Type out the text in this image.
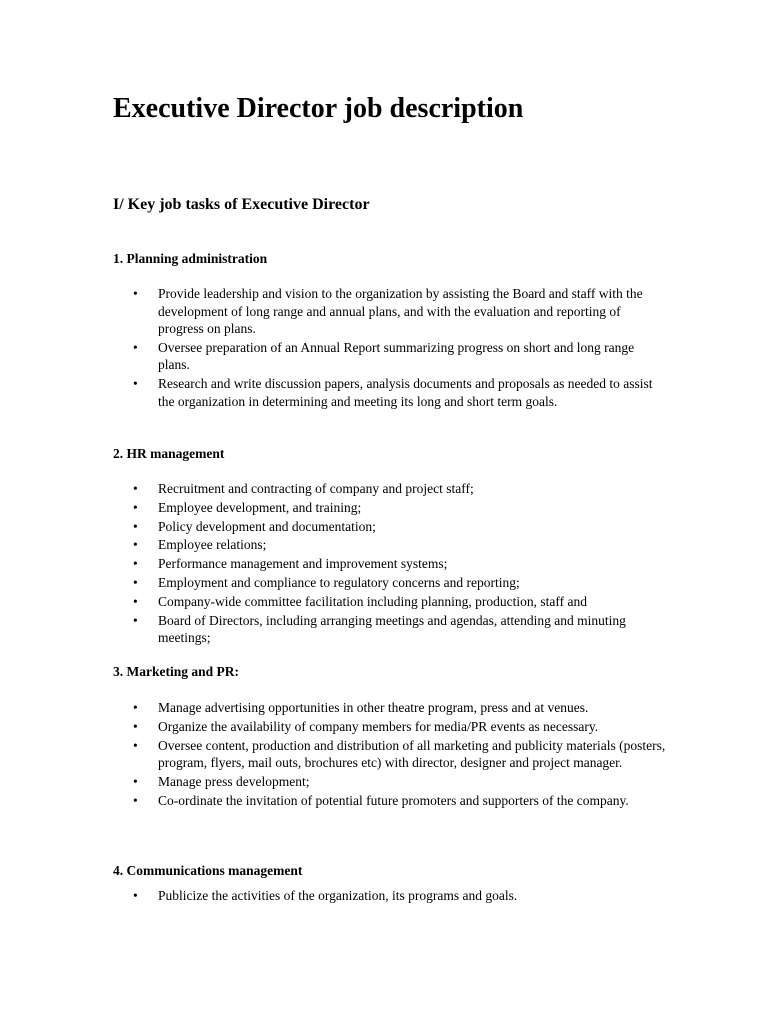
Executive Director job description
I/ Key job tasks of Executive Director
1. Planning administration
• Provide leadership and vision to the organization by assisting the Board and staff with the development of long range and annual plans, and with the evaluation and reporting of progress on plans.
• Oversee preparation of an Annual Report summarizing progress on short and long range plans.
• Research and write discussion papers, analysis documents and proposals as needed to assist the organization in determining and meeting its long and short term goals.
2. HR management
• Recruitment and contracting of company and project staff;
• Employee development, and training;
• Policy development and documentation;
• Employee relations;
• Performance management and improvement systems;
• Employment and compliance to regulatory concerns and reporting;
• Company-wide committee facilitation including planning, production, staff and
• Board of Directors, including arranging meetings and agendas, attending and minuting meetings;
3. Marketing and PR:
• Manage advertising opportunities in other theatre program, press and at venues.
• Organize the availability of company members for media/PR events as necessary.
• Oversee content, production and distribution of all marketing and publicity materials (posters, program, flyers, mail outs, brochures etc) with director, designer and project manager.
• Manage press development;
• Co-ordinate the invitation of potential future promoters and supporters of the company.
4. Communications management
• Publicize the activities of the organization, its programs and goals.
